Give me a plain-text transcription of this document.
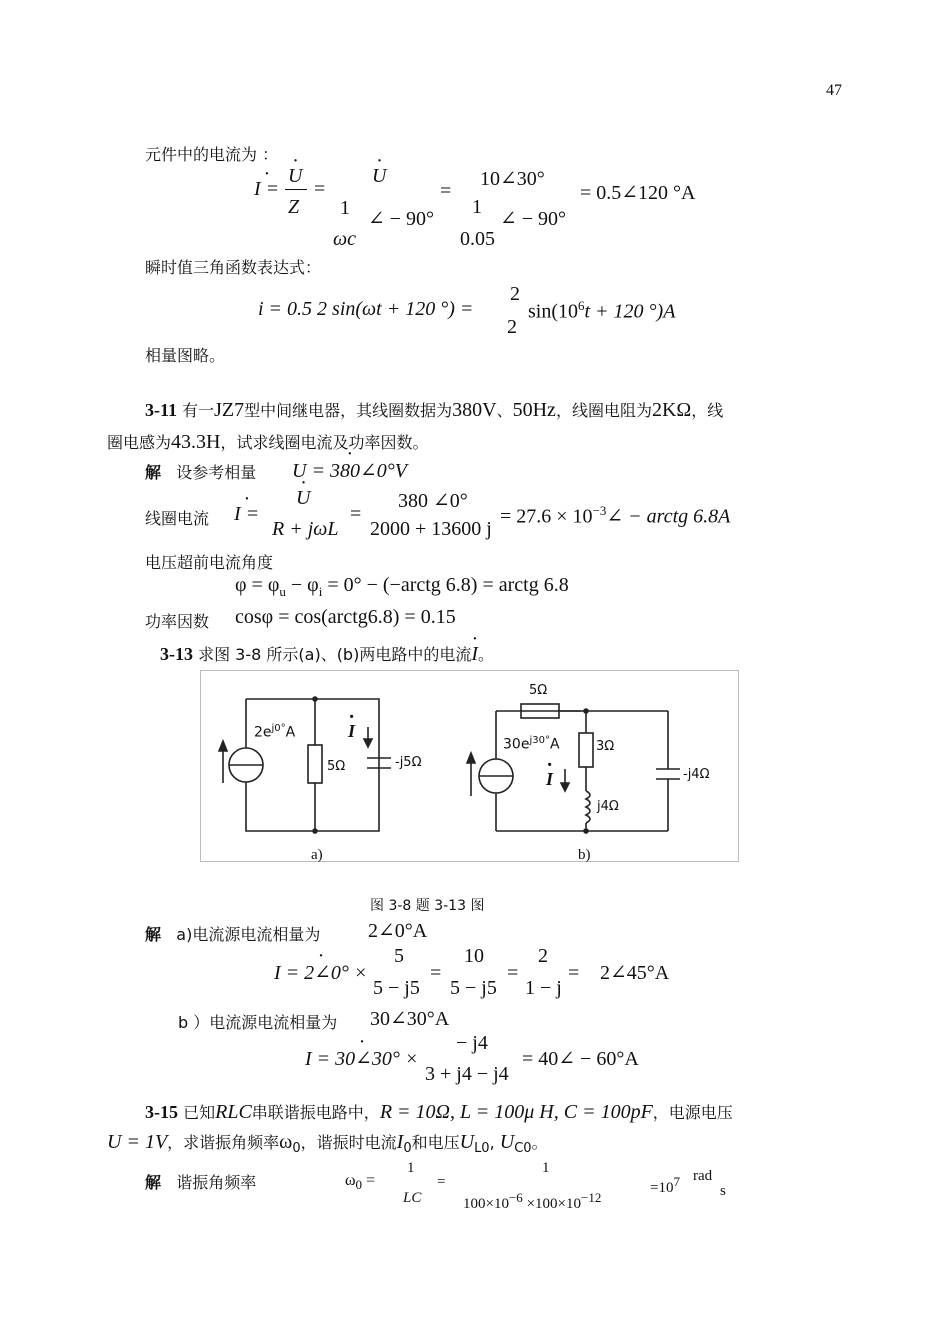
47
元件中的电流为 ：
· I =
· U
Z
=
· U
1 ∠ − 90°
ωc
=
10∠30°
1
∠ − 90°
0.05
= 0.5∠120 °A
瞬时值三角函数表达式：
i = 0.5 2 sin(ωt + 120 °) =
2
2
$\sin(10^6t + 120$ °)A
相量图略。
3-11 有一JZ7型中间继电器，其线圈数据为380V、50Hz，线圈电阻为2KΩ，线
圈电感为43.3H，试求线圈电流及功率因数。
解 设参考相量 · U = 380∠0°V
线圈电流 · I =
· U
R + jωL
=
380 ∠0°
2000 + 13600 j
= $27.6 \times 10^{-3}\angle$ − arctg 6.8A
电压超前电流角度
$\varphi = \varphi_u - \varphi_i = 0^\circ$ − (−arctg 6.8) = arctg 6.8
功率因数 cosφ = cos(arctg6.8) = 0.15
3-13 求图 3-8 所示(a)、(b)两电路中的电流· I。
$2e^{j0^\circ}A$
5Ω	-j5Ω
· I
5Ω
$30e^{j30^\circ}A$	3Ω
j4Ω
-j4Ω
· I
a)	b)
图 3-8 题 3-13 图
解 a)电流源电流相量为 2∠0°A
· I = 2∠0° ×
5
5 − j5
=
10
5 − j5
=
2
1 − j
= 2∠45°A
b ）电流源电流相量为 30∠30°A
· I = 30∠30° ×
− j4
3 + j4 − j4
= 40∠ − 60°A
3-15 已知RLC串联谐振电路中，R = 10Ω, L = 100μ H, C = 100pF，电源电压
U = 1V，求谐振角频率$\omega_0$，谐振时电流$I_0$和电压$U_{L0}$, $U_{C0}$。
解 谐振角频率	$\omega_0$ =
1
LC
=
1
$100\times 10^{-6} \times 100\times 10^{-12}$
$=10^7$ rad
s
